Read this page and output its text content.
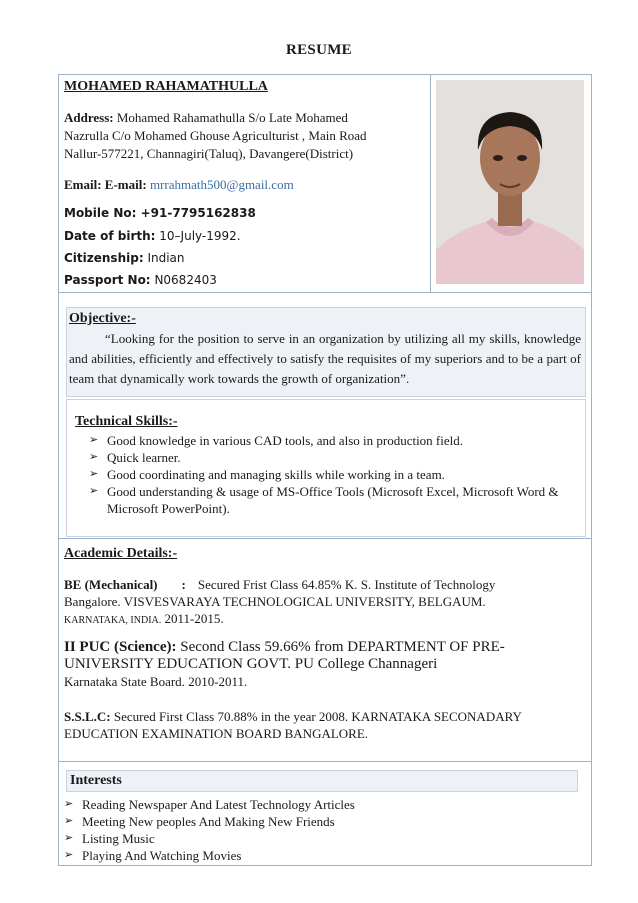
RESUME
MOHAMED RAHAMATHULLA
Address: Mohamed Rahamathulla S/o Late Mohamed
Nazrulla C/o Mohamed Ghouse Agriculturist , Main Road
Nallur-577221, Channagiri(Taluq), Davangere(District)
Email: E-mail: mrrahmath500@gmail.com
Mobile No: +91-7795162838
Date of birth: 10–July-1992.
Citizenship: Indian
Passport No: N0682403
Objective:-
“Looking for the position to serve in an organization by utilizing all my skills, knowledge and abilities, efficiently and effectively to satisfy the requisites of my superiors and to be a part of team that dynamically work towards the growth of organization”.
Technical Skills:-
➢ Good knowledge in various CAD tools, and also in production field.
➢ Quick learner.
➢ Good coordinating and managing skills while working in a team.
➢ Good understanding & usage of MS-Office Tools (Microsoft Excel, Microsoft Word & Microsoft PowerPoint).
Academic Details:-
BE (Mechanical) : Secured Frist Class 64.85% K. S. Institute of Technology
Bangalore. VISVESVARAYA TECHNOLOGICAL UNIVERSITY, BELGAUM.
KARNATAKA, INDIA. 2011-2015.
II PUC (Science): Second Class 59.66% from DEPARTMENT OF PRE-
UNIVERSITY EDUCATION GOVT. PU College Channageri
Karnataka State Board. 2010-2011.
S.S.L.C: Secured First Class 70.88% in the year 2008. KARNATAKA SECONADARY
EDUCATION EXAMINATION BOARD BANGALORE.
Interests
➢ Reading Newspaper And Latest Technology Articles
➢ Meeting New peoples And Making New Friends
➢ Listing Music
➢ Playing And Watching Movies
